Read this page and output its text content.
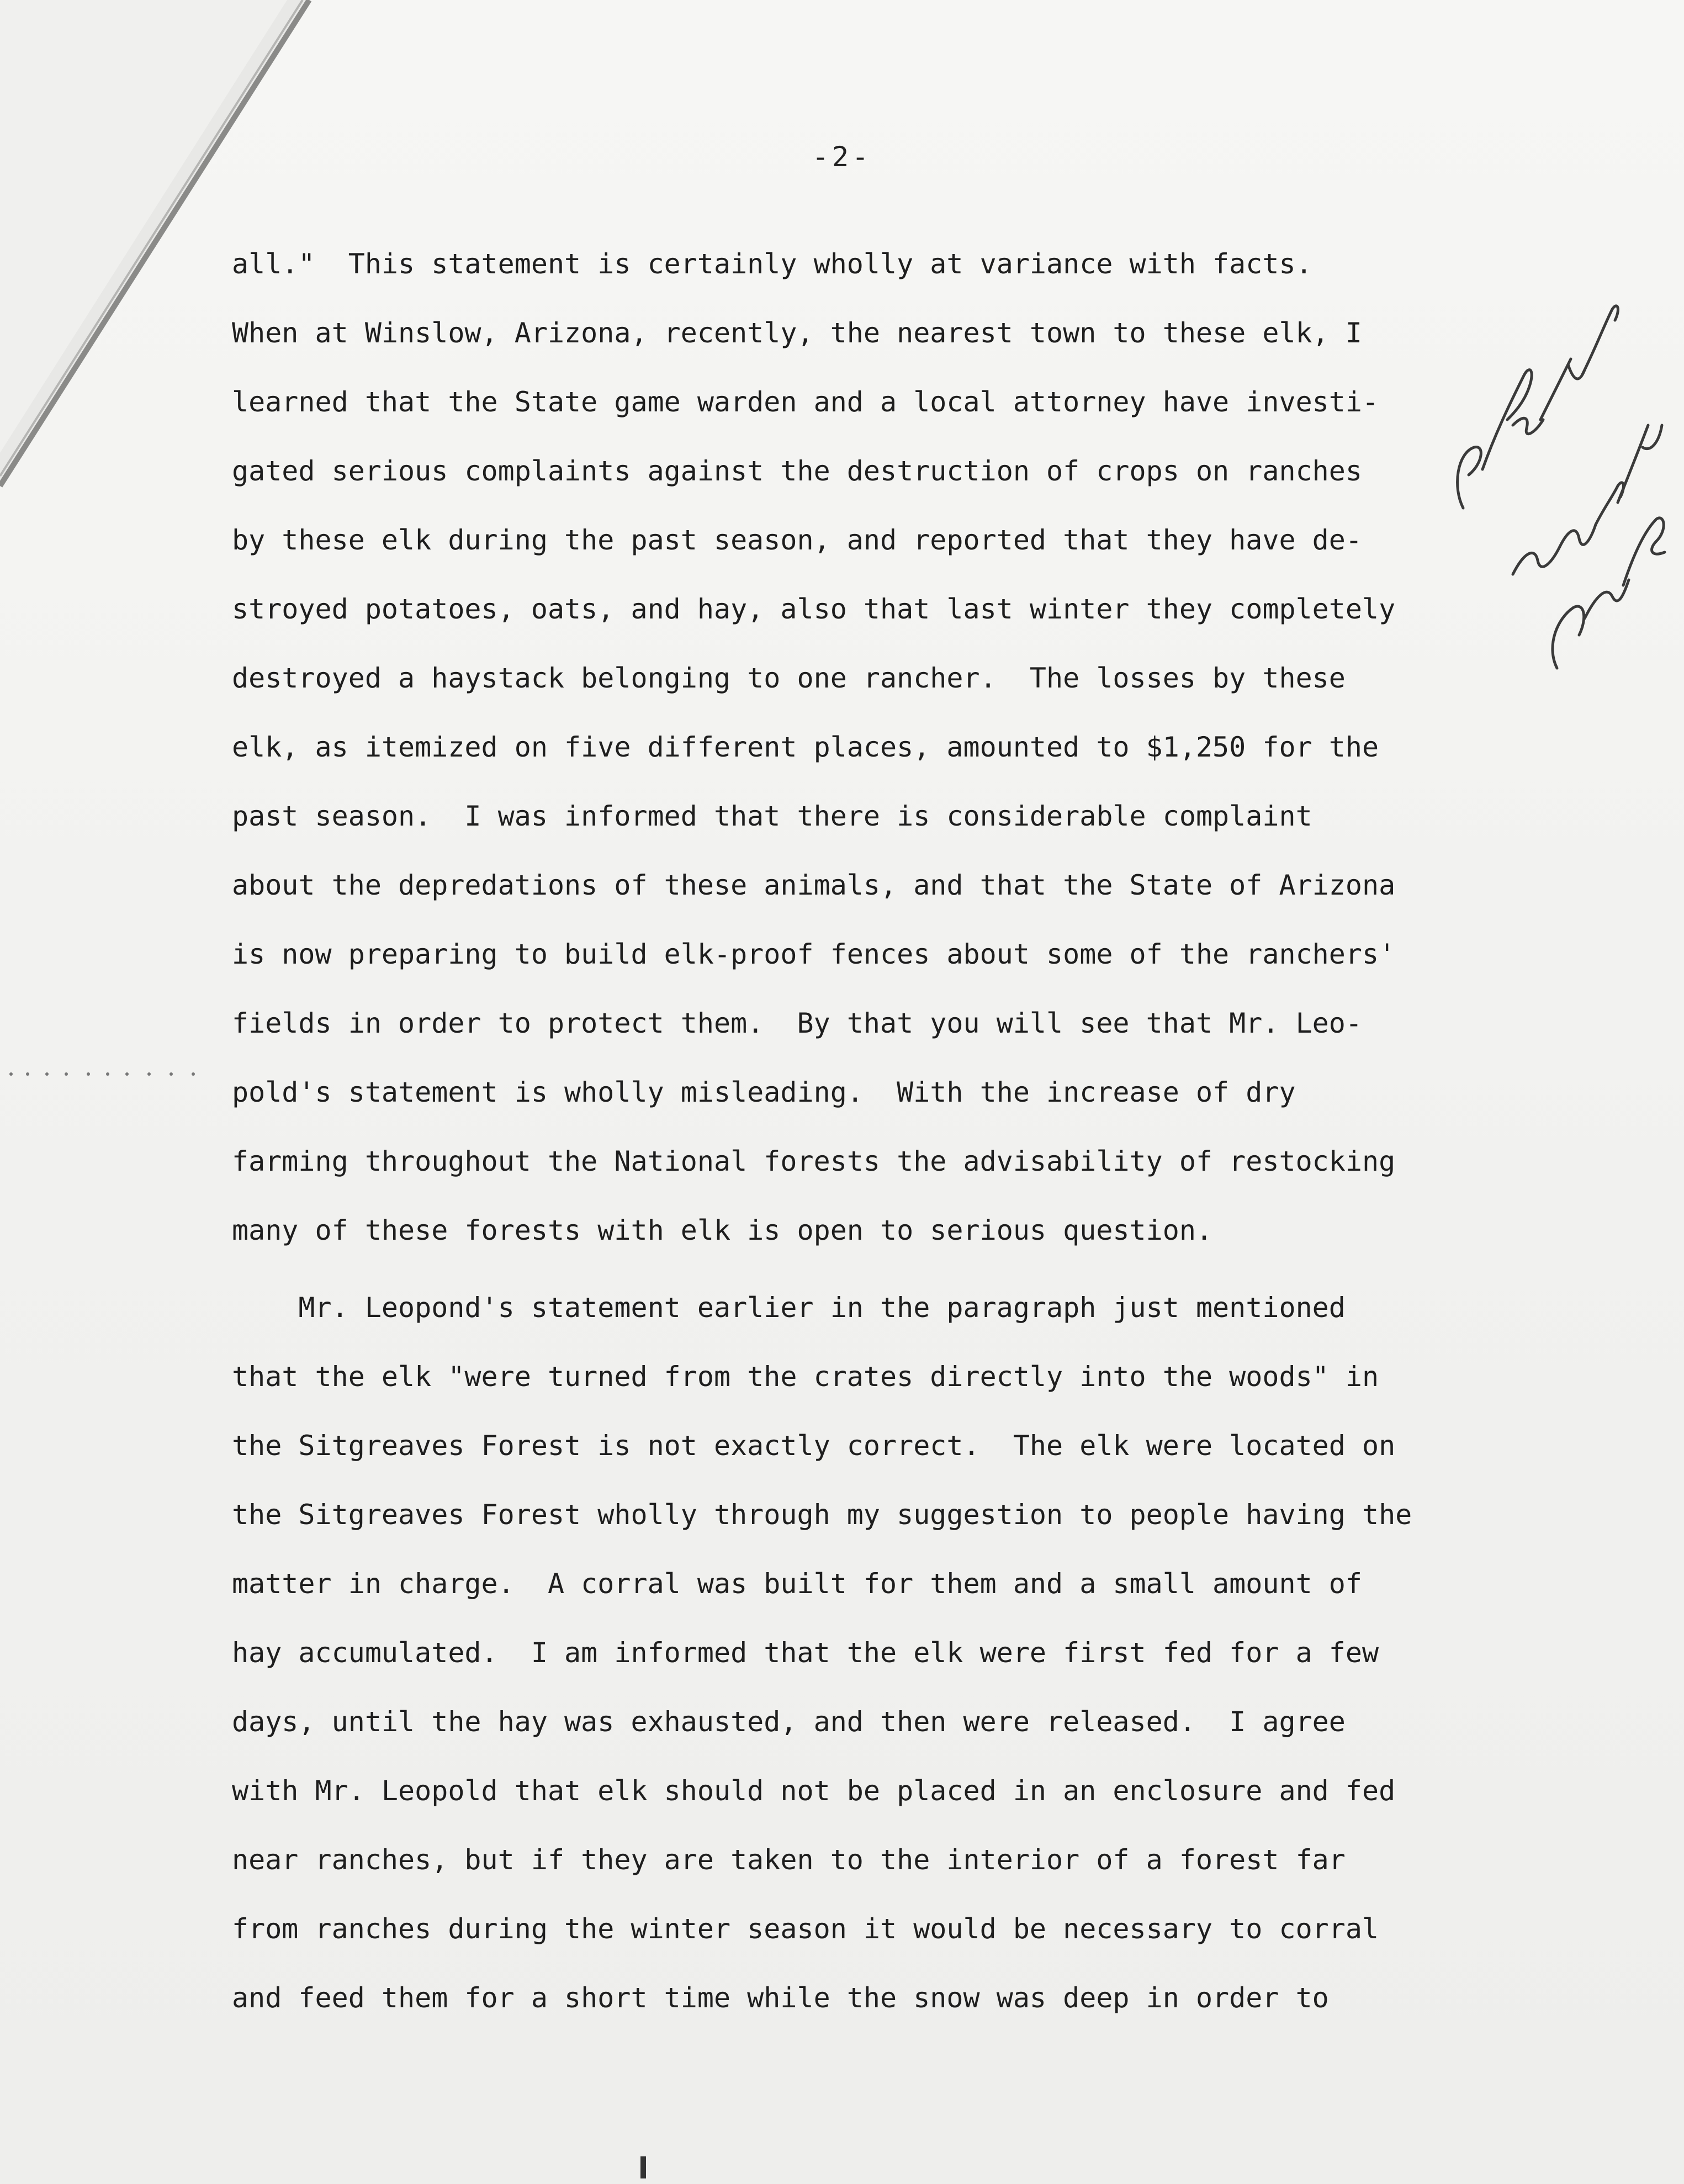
-2-
all."  This statement is certainly wholly at variance with facts.
When at Winslow, Arizona, recently, the nearest town to these elk, I
learned that the State game warden and a local attorney have investi-
gated serious complaints against the destruction of crops on ranches
by these elk during the past season, and reported that they have de-
stroyed potatoes, oats, and hay, also that last winter they completely
destroyed a haystack belonging to one rancher.  The losses by these
elk, as itemized on five different places, amounted to $1,250 for the
past season.  I was informed that there is considerable complaint
about the depredations of these animals, and that the State of Arizona
is now preparing to build elk-proof fences about some of the ranchers'
fields in order to protect them.  By that you will see that Mr. Leo-
pold's statement is wholly misleading.  With the increase of dry
farming throughout the National forests the advisability of restocking
many of these forests with elk is open to serious question.
Mr. Leopond's statement earlier in the paragraph just mentioned
that the elk "were turned from the crates directly into the woods" in
the Sitgreaves Forest is not exactly correct.  The elk were located on
the Sitgreaves Forest wholly through my suggestion to people having the
matter in charge.  A corral was built for them and a small amount of
hay accumulated.  I am informed that the elk were first fed for a few
days, until the hay was exhausted, and then were released.  I agree
with Mr. Leopold that elk should not be placed in an enclosure and fed
near ranches, but if they are taken to the interior of a forest far
from ranches during the winter season it would be necessary to corral
and feed them for a short time while the snow was deep in order to
